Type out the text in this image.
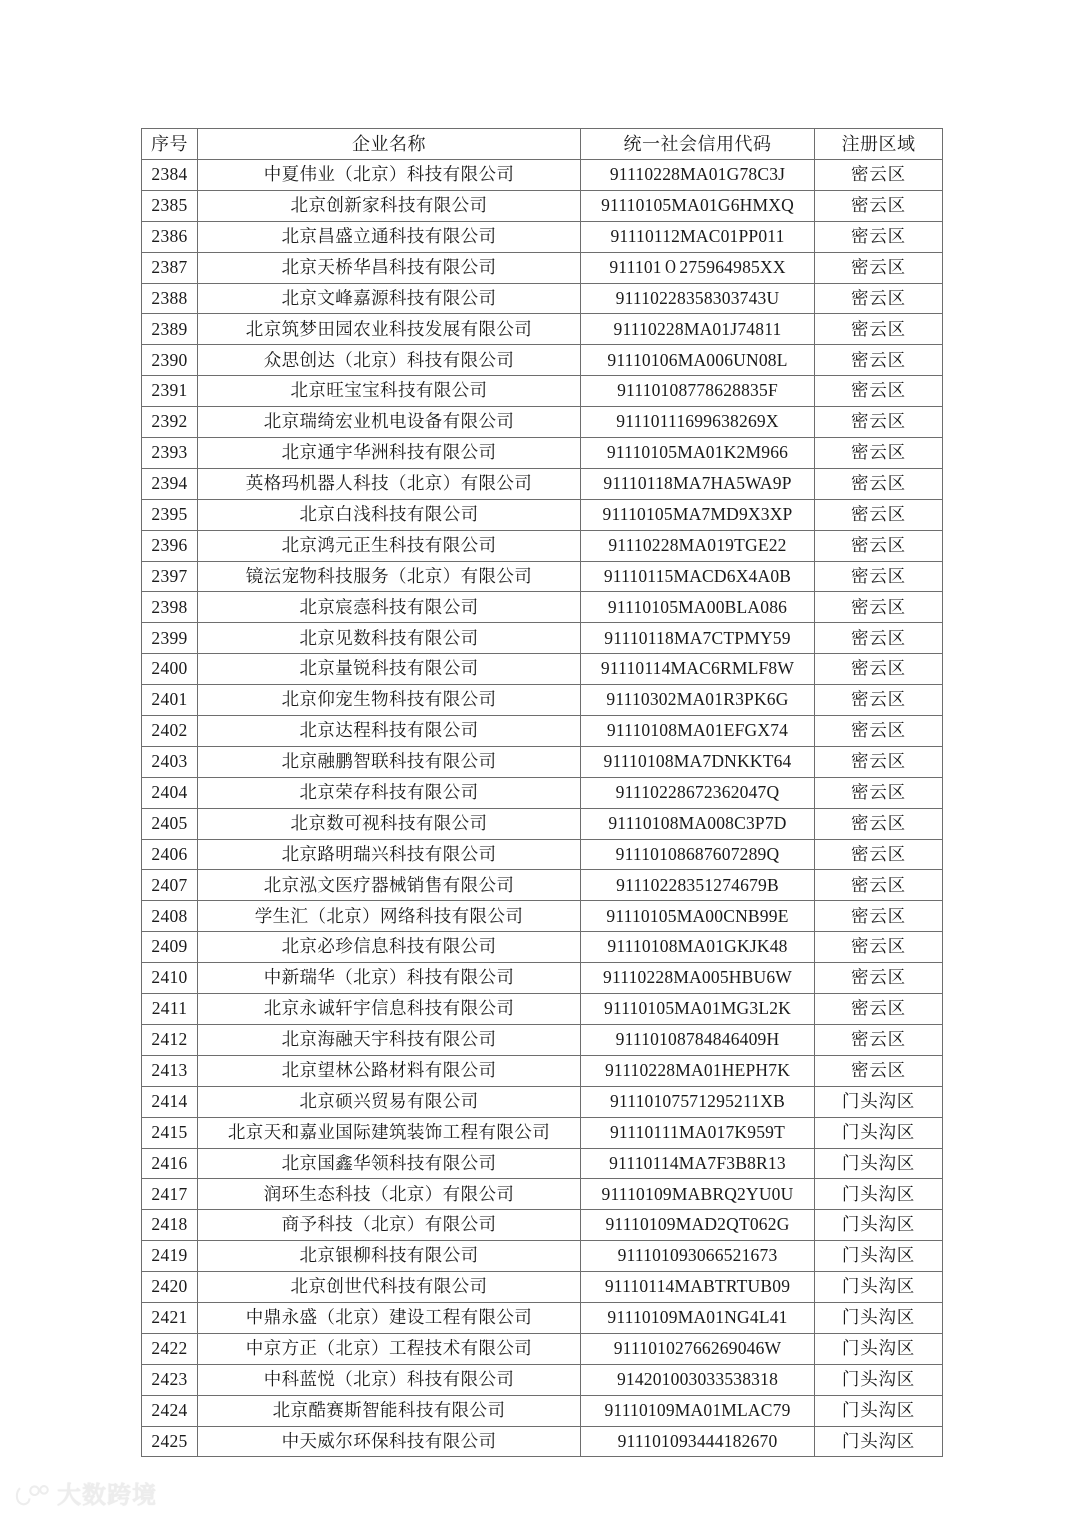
序号	企业名称	统一社会信用代码	注册区域
2384	中夏伟业（北京）科技有限公司	91110228MA01G78C3J	密云区
2385	北京创新家科技有限公司	91110105MA01G6HMXQ	密云区
2386	北京昌盛立通科技有限公司	91110112MAC01PP011	密云区
2387	北京天桥华昌科技有限公司	911101０275964985XX	密云区
2388	北京文峰嘉源科技有限公司	91110228358303743U	密云区
2389	北京筑梦田园农业科技发展有限公司	91110228MA01J74811	密云区
2390	众思创达（北京）科技有限公司	91110106MA006UN08L	密云区
2391	北京旺宝宝科技有限公司	91110108778628835F	密云区
2392	北京瑞绮宏业机电设备有限公司	91110111699638269X	密云区
2393	北京通宇华洲科技有限公司	91110105MA01K2M966	密云区
2394	英格玛机器人科技（北京）有限公司	91110118MA7HA5WA9P	密云区
2395	北京白浅科技有限公司	91110105MA7MD9X3XP	密云区
2396	北京鸿元正生科技有限公司	91110228MA019TGE22	密云区
2397	镜沄宠物科技服务（北京）有限公司	91110115MACD6X4A0B	密云区
2398	北京宸悫科技有限公司	91110105MA00BLA086	密云区
2399	北京见数科技有限公司	91110118MA7CTPMY59	密云区
2400	北京量锐科技有限公司	91110114MAC6RMLF8W	密云区
2401	北京仰宠生物科技有限公司	91110302MA01R3PK6G	密云区
2402	北京达程科技有限公司	91110108MA01EFGX74	密云区
2403	北京融鹏智联科技有限公司	91110108MA7DNKKT64	密云区
2404	北京荣存科技有限公司	91110228672362047Q	密云区
2405	北京数可视科技有限公司	91110108MA008C3P7D	密云区
2406	北京路明瑞兴科技有限公司	91110108687607289Q	密云区
2407	北京泓文医疗器械销售有限公司	91110228351274679B	密云区
2408	学生汇（北京）网络科技有限公司	91110105MA00CNB99E	密云区
2409	北京必珍信息科技有限公司	91110108MA01GKJK48	密云区
2410	中新瑞华（北京）科技有限公司	91110228MA005HBU6W	密云区
2411	北京永诚轩宇信息科技有限公司	91110105MA01MG3L2K	密云区
2412	北京海融天宇科技有限公司	91110108784846409H	密云区
2413	北京望林公路材料有限公司	91110228MA01HEPH7K	密云区
2414	北京硕兴贸易有限公司	91110107571295211XB	门头沟区
2415	北京天和嘉业国际建筑装饰工程有限公司	91110111MA017K959T	门头沟区
2416	北京国鑫华领科技有限公司	91110114MA7F3B8R13	门头沟区
2417	润环生态科技（北京）有限公司	91110109MABRQ2YU0U	门头沟区
2418	商予科技（北京）有限公司	91110109MAD2QT062G	门头沟区
2419	北京银柳科技有限公司	911101093066521673	门头沟区
2420	北京创世代科技有限公司	91110114MABTRTUB09	门头沟区
2421	中鼎永盛（北京）建设工程有限公司	91110109MA01NG4L41	门头沟区
2422	中京方正（北京）工程技术有限公司	91110102766269046W	门头沟区
2423	中科蓝悦（北京）科技有限公司	914201003033538318	门头沟区
2424	北京酷赛斯智能科技有限公司	91110109MA01MLAC79	门头沟区
2425	中天威尔环保科技有限公司	911101093444182670	门头沟区
大数跨境
